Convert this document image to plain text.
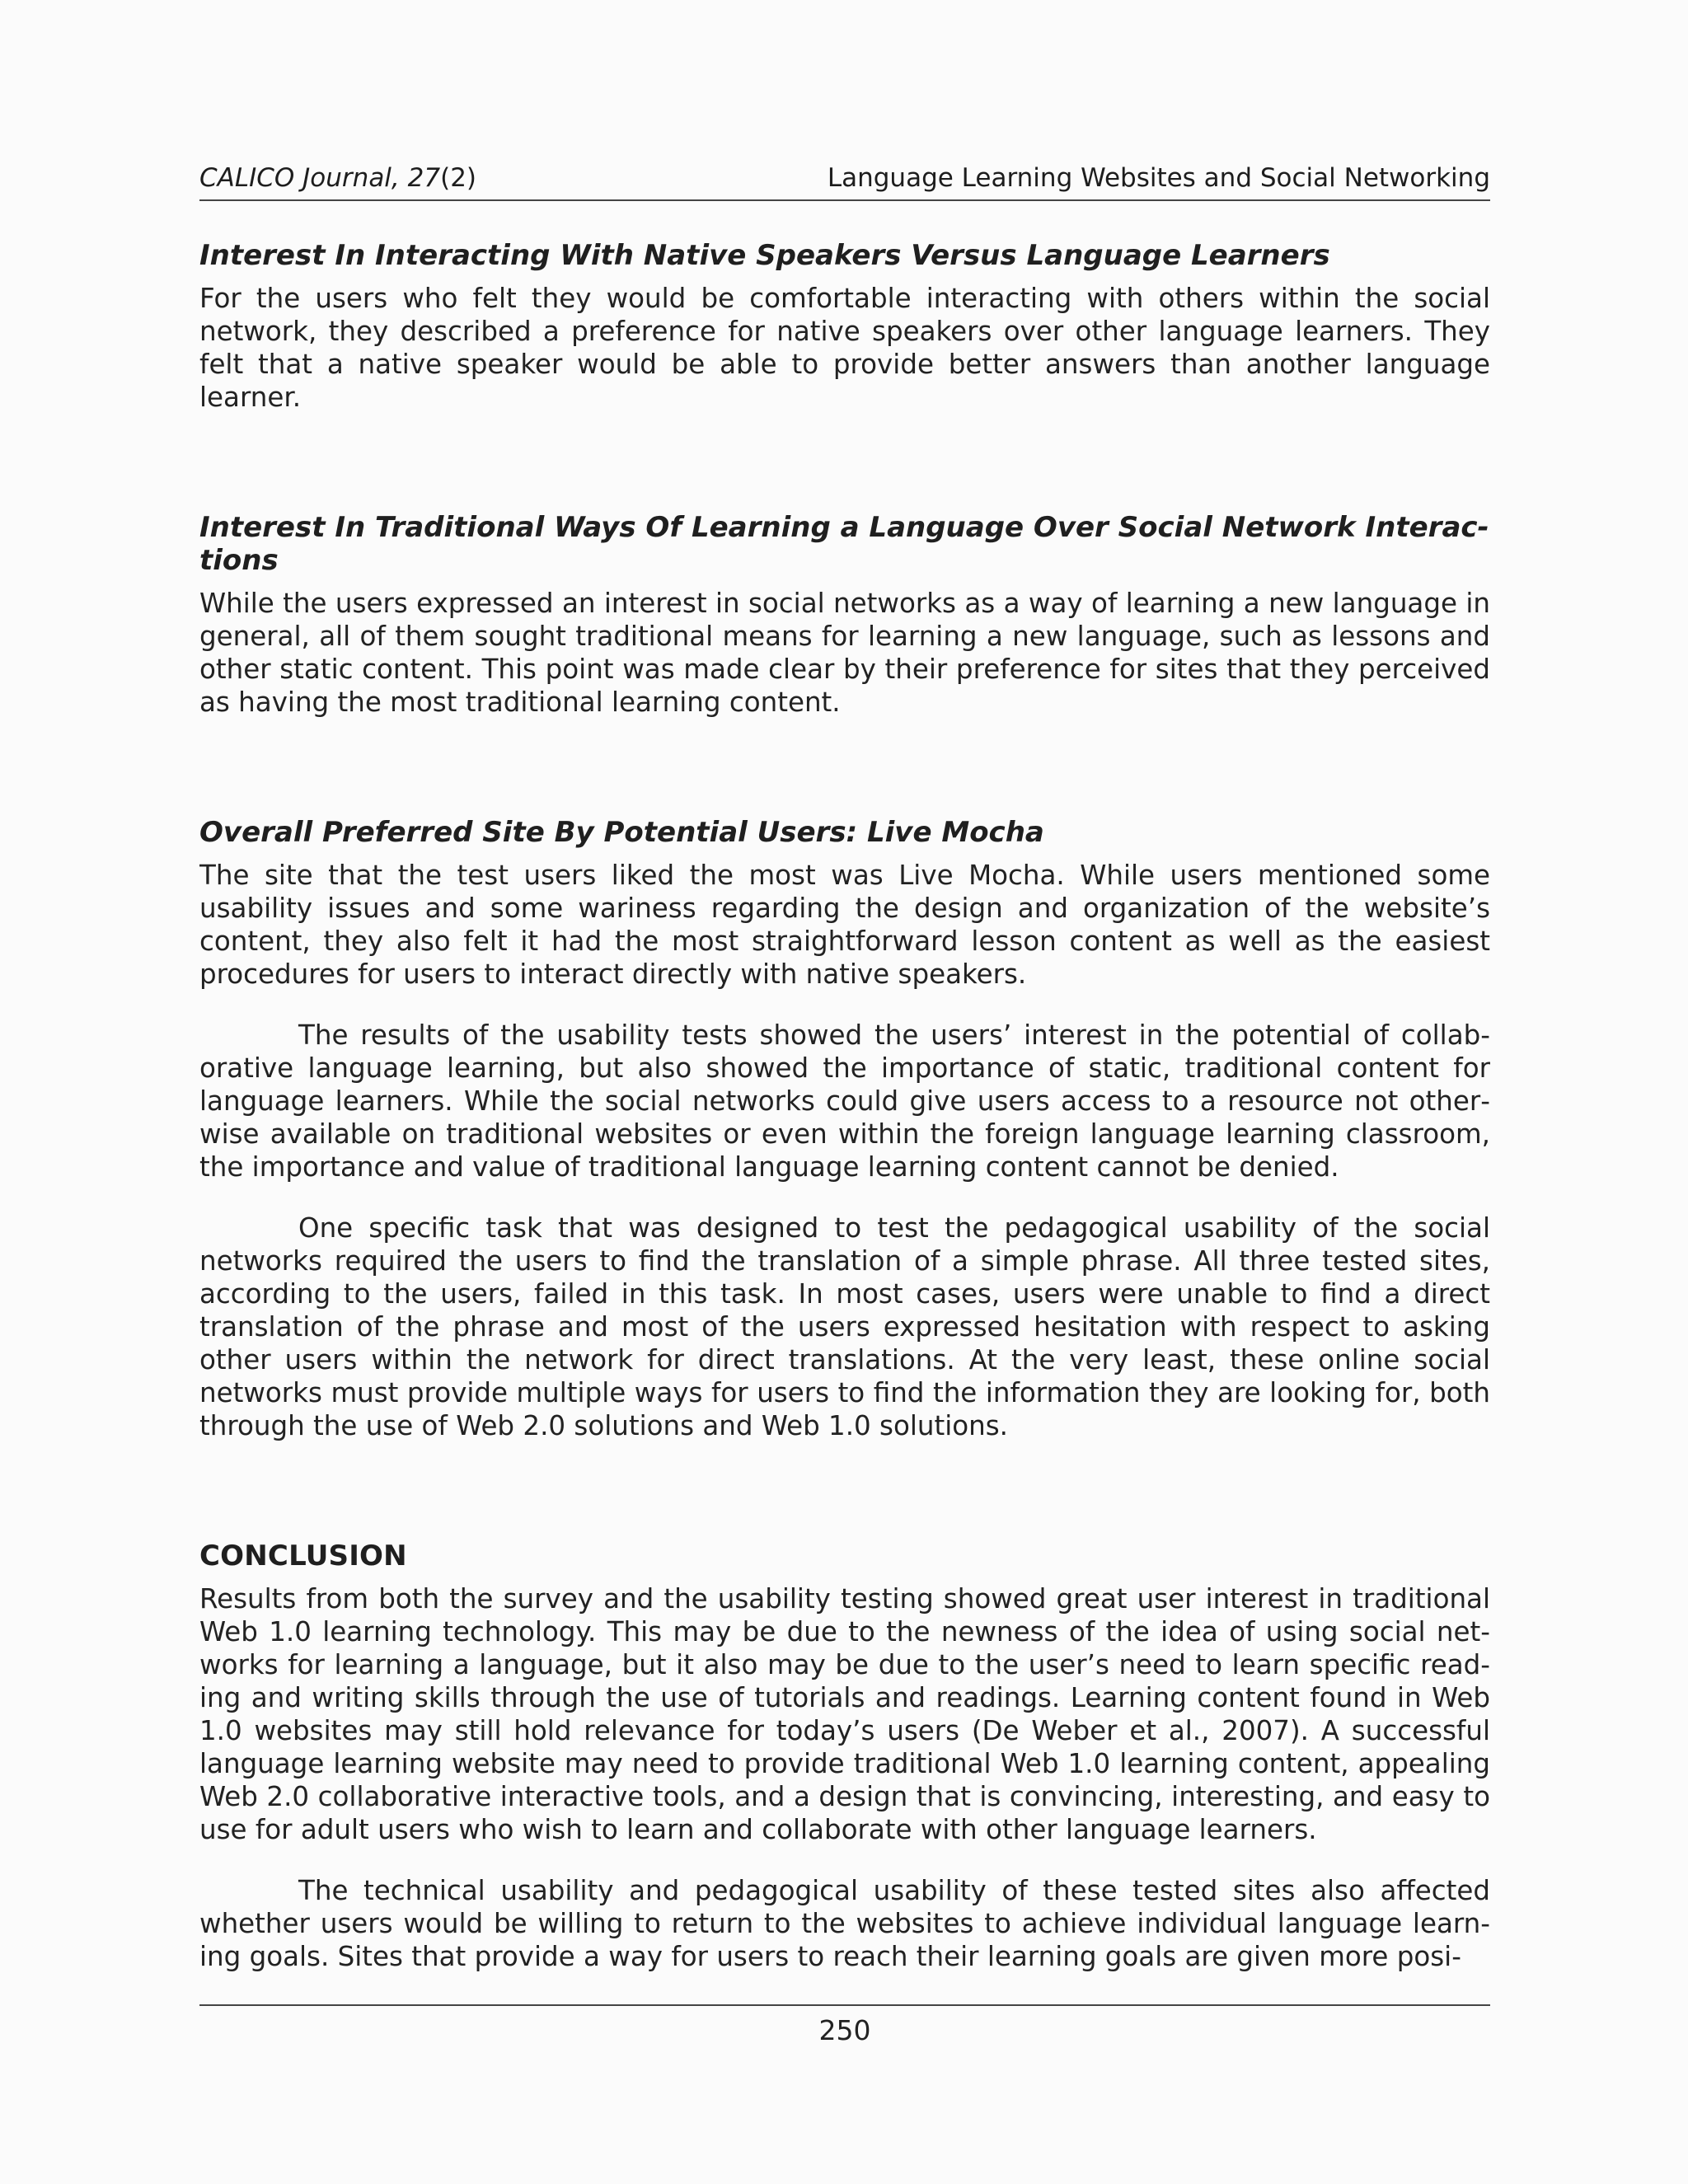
CALICO Journal, 27(2)	Language Learning Websites and Social Networking
Interest In Interacting With Native Speakers Versus Language Learners

For the users who felt they would be comfortable interacting with others within the social network, they described a preference for native speakers over other language learners. They felt that a native speaker would be able to provide better answers than another language learner.

Interest In Traditional Ways Of Learning a Language Over Social Network Interactions

While the users expressed an interest in social networks as a way of learning a new language in general, all of them sought traditional means for learning a new language, such as lessons and other static content. This point was made clear by their preference for sites that they perceived as having the most traditional learning content.

Overall Preferred Site By Potential Users: Live Mocha

The site that the test users liked the most was Live Mocha. While users mentioned some usability issues and some wariness regarding the design and organization of the website’s content, they also felt it had the most straightforward lesson content as well as the easiest procedures for users to interact directly with native speakers.

The results of the usability tests showed the users’ interest in the potential of collaborative language learning, but also showed the importance of static, traditional content for language learners. While the social networks could give users access to a resource not otherwise available on traditional websites or even within the foreign language learning classroom, the importance and value of traditional language learning content cannot be denied.

One specific task that was designed to test the pedagogical usability of the social networks required the users to find the translation of a simple phrase. All three tested sites, according to the users, failed in this task. In most cases, users were unable to find a direct translation of the phrase and most of the users expressed hesitation with respect to asking other users within the network for direct translations. At the very least, these online social networks must provide multiple ways for users to find the information they are looking for, both through the use of Web 2.0 solutions and Web 1.0 solutions.

CONCLUSION

Results from both the survey and the usability testing showed great user interest in traditional Web 1.0 learning technology. This may be due to the newness of the idea of using social networks for learning a language, but it also may be due to the user’s need to learn specific reading and writing skills through the use of tutorials and readings. Learning content found in Web 1.0 websites may still hold relevance for today’s users (De Weber et al., 2007). A successful language learning website may need to provide traditional Web 1.0 learning content, appealing Web 2.0 collaborative interactive tools, and a design that is convincing, interesting, and easy to use for adult users who wish to learn and collaborate with other language learners.

The technical usability and pedagogical usability of these tested sites also affected whether users would be willing to return to the websites to achieve individual language learning goals. Sites that provide a way for users to reach their learning goals are given more posi-

250
